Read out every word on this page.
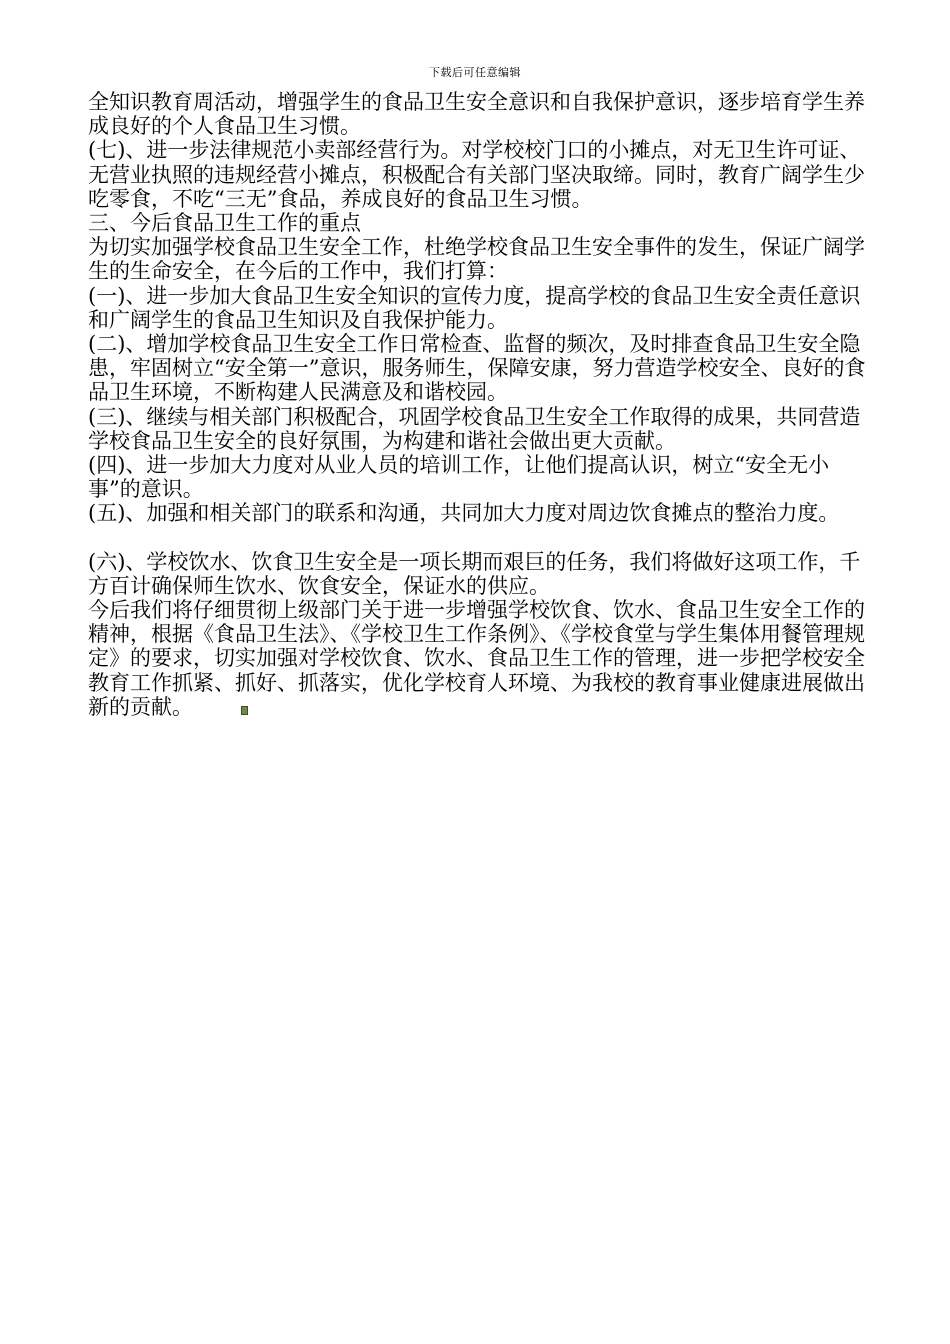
下载后可任意编辑

全知识教育周活动，增强学生的食品卫生安全意识和自我保护意识，逐步培育学生养成良好的个人食品卫生习惯。

(七)、进一步法律规范小卖部经营行为。对学校校门口的小摊点，对无卫生许可证、无营业执照的违规经营小摊点，积极配合有关部门坚决取缔。同时，教育广阔学生少吃零食，不吃“三无”食品，养成良好的食品卫生习惯。

三、今后食品卫生工作的重点

为切实加强学校食品卫生安全工作，杜绝学校食品卫生安全事件的发生，保证广阔学生的生命安全，在今后的工作中，我们打算：

(一)、进一步加大食品卫生安全知识的宣传力度，提高学校的食品卫生安全责任意识和广阔学生的食品卫生知识及自我保护能力。

(二)、增加学校食品卫生安全工作日常检查、监督的频次，及时排查食品卫生安全隐患，牢固树立“安全第一”意识，服务师生，保障安康，努力营造学校安全、良好的食品卫生环境，不断构建人民满意及和谐校园。

(三)、继续与相关部门积极配合，巩固学校食品卫生安全工作取得的成果，共同营造学校食品卫生安全的良好氛围，为构建和谐社会做出更大贡献。

(四)、进一步加大力度对从业人员的培训工作，让他们提高认识，树立“安全无小事”的意识。

(五)、加强和相关部门的联系和沟通，共同加大力度对周边饮食摊点的整治力度。

(六)、学校饮水、饮食卫生安全是一项长期而艰巨的任务，我们将做好这项工作，千方百计确保师生饮水、饮食安全，保证水的供应。

今后我们将仔细贯彻上级部门关于进一步增强学校饮食、饮水、食品卫生安全工作的精神，根据《食品卫生法》、《学校卫生工作条例》、《学校食堂与学生集体用餐管理规定》的要求，切实加强对学校饮食、饮水、食品卫生工作的管理，进一步把学校安全教育工作抓紧、抓好、抓落实，优化学校育人环境、为我校的教育事业健康进展做出新的贡献。
